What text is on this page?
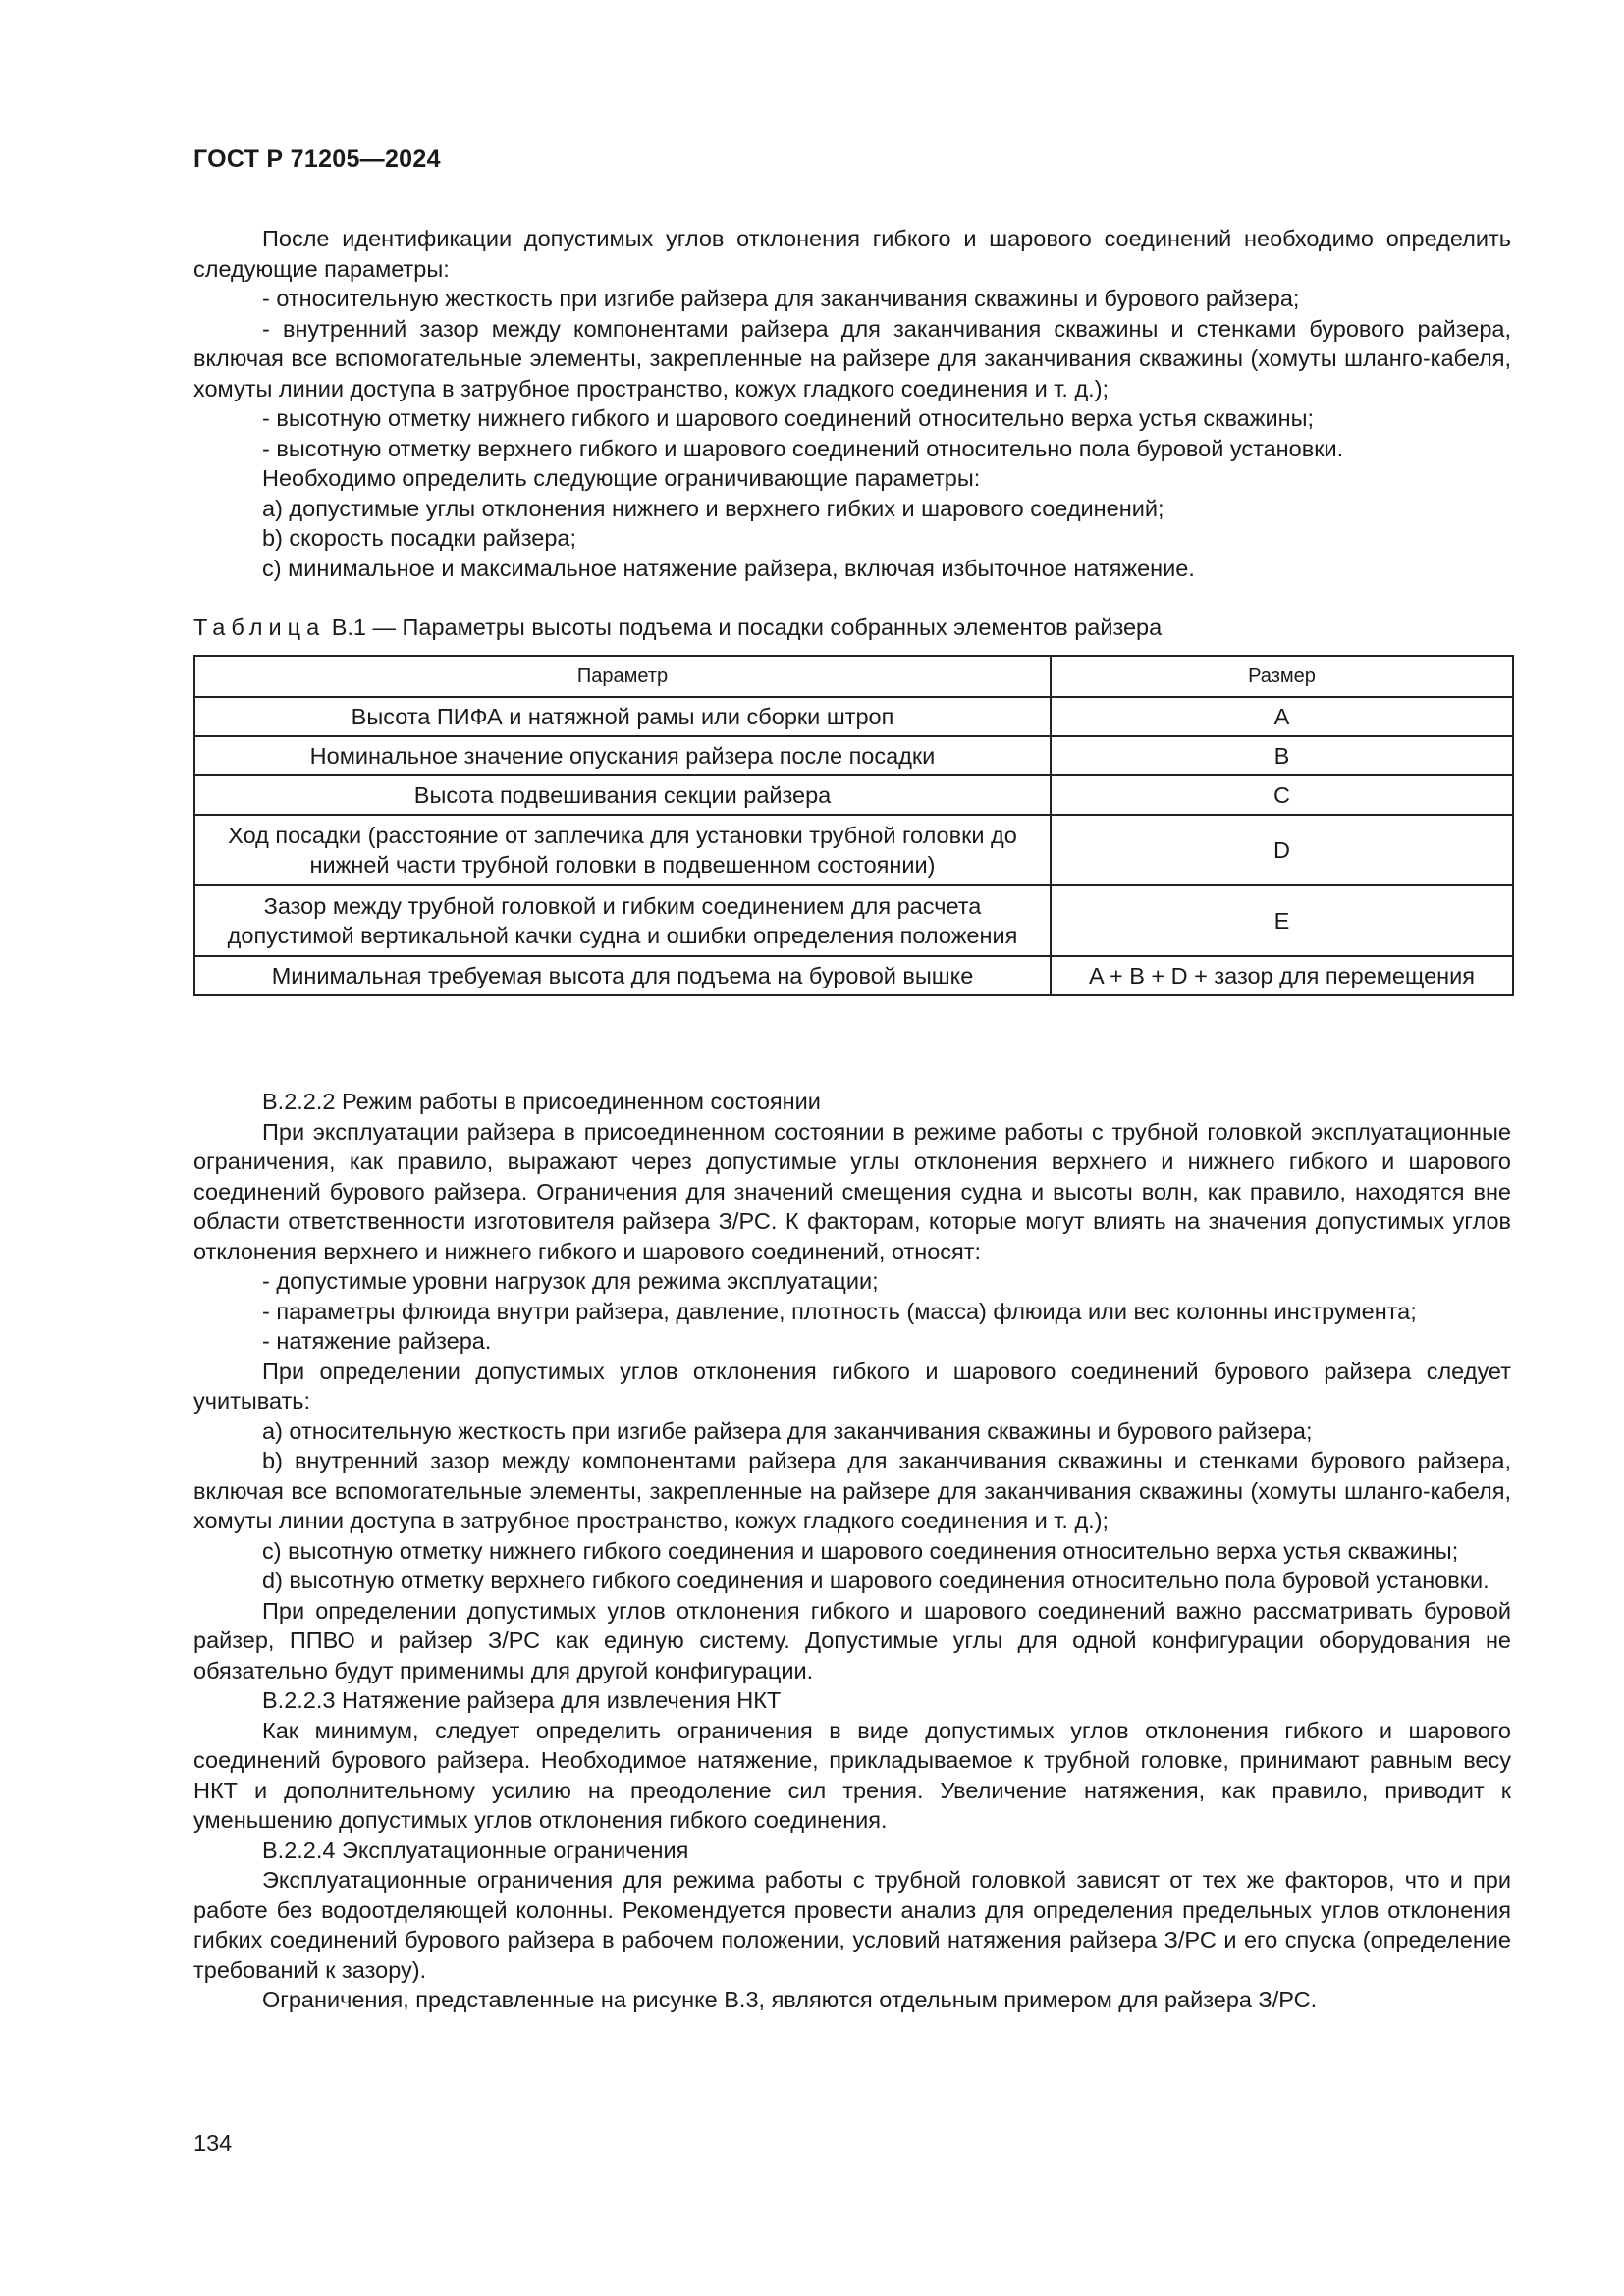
ГОСТ Р 71205—2024

После идентификации допустимых углов отклонения гибкого и шарового соединений необходимо определить следующие параметры:

- относительную жесткость при изгибе райзера для заканчивания скважины и бурового райзера;

- внутренний зазор между компонентами райзера для заканчивания скважины и стенками бурового райзера, включая все вспомогательные элементы, закрепленные на райзере для заканчивания скважины (хомуты шланго-кабеля, хомуты линии доступа в затрубное пространство, кожух гладкого соединения и т. д.);

- высотную отметку нижнего гибкого и шарового соединений относительно верха устья скважины;

- высотную отметку верхнего гибкого и шарового соединений относительно пола буровой установки.

Необходимо определить следующие ограничивающие параметры:

a) допустимые углы отклонения нижнего и верхнего гибких и шарового соединений;

b) скорость посадки райзера;

c) минимальное и максимальное натяжение райзера, включая избыточное натяжение.

Таблица В.1 — Параметры высоты подъема и посадки собранных элементов райзера
Параметр	Размер
Высота ПИФА и натяжной рамы или сборки штроп	A
Номинальное значение опускания райзера после посадки	B
Высота подвешивания секции райзера	C
Ход посадки (расстояние от заплечика для установки трубной головки до нижней части трубной головки в подвешенном состоянии)	D
Зазор между трубной головкой и гибким соединением для расчета допустимой вертикальной качки судна и ошибки определения положения	E
Минимальная требуемая высота для подъема на буровой вышке	A + B + D + зазор для перемещения

В.2.2.2 Режим работы в присоединенном состоянии

При эксплуатации райзера в присоединенном состоянии в режиме работы с трубной головкой эксплуатационные ограничения, как правило, выражают через допустимые углы отклонения верхнего и нижнего гибкого и шарового соединений бурового райзера. Ограничения для значений смещения судна и высоты волн, как правило, находятся вне области ответственности изготовителя райзера З/РС. К факторам, которые могут влиять на значения допустимых углов отклонения верхнего и нижнего гибкого и шарового соединений, относят:

- допустимые уровни нагрузок для режима эксплуатации;

- параметры флюида внутри райзера, давление, плотность (масса) флюида или вес колонны инструмента;

- натяжение райзера.

При определении допустимых углов отклонения гибкого и шарового соединений бурового райзера следует учитывать:

a) относительную жесткость при изгибе райзера для заканчивания скважины и бурового райзера;

b) внутренний зазор между компонентами райзера для заканчивания скважины и стенками бурового райзера, включая все вспомогательные элементы, закрепленные на райзере для заканчивания скважины (хомуты шланго-кабеля, хомуты линии доступа в затрубное пространство, кожух гладкого соединения и т. д.);

c) высотную отметку нижнего гибкого соединения и шарового соединения относительно верха устья скважины;

d) высотную отметку верхнего гибкого соединения и шарового соединения относительно пола буровой установки.

При определении допустимых углов отклонения гибкого и шарового соединений важно рассматривать буровой райзер, ППВО и райзер З/РС как единую систему. Допустимые углы для одной конфигурации оборудования не обязательно будут применимы для другой конфигурации.

В.2.2.3 Натяжение райзера для извлечения НКТ

Как минимум, следует определить ограничения в виде допустимых углов отклонения гибкого и шарового соединений бурового райзера. Необходимое натяжение, прикладываемое к трубной головке, принимают равным весу НКТ и дополнительному усилию на преодоление сил трения. Увеличение натяжения, как правило, приводит к уменьшению допустимых углов отклонения гибкого соединения.

В.2.2.4 Эксплуатационные ограничения

Эксплуатационные ограничения для режима работы с трубной головкой зависят от тех же факторов, что и при работе без водоотделяющей колонны. Рекомендуется провести анализ для определения предельных углов отклонения гибких соединений бурового райзера в рабочем положении, условий натяжения райзера З/РС и его спуска (определение требований к зазору).

Ограничения, представленные на рисунке В.3, являются отдельным примером для райзера З/РС.

134
